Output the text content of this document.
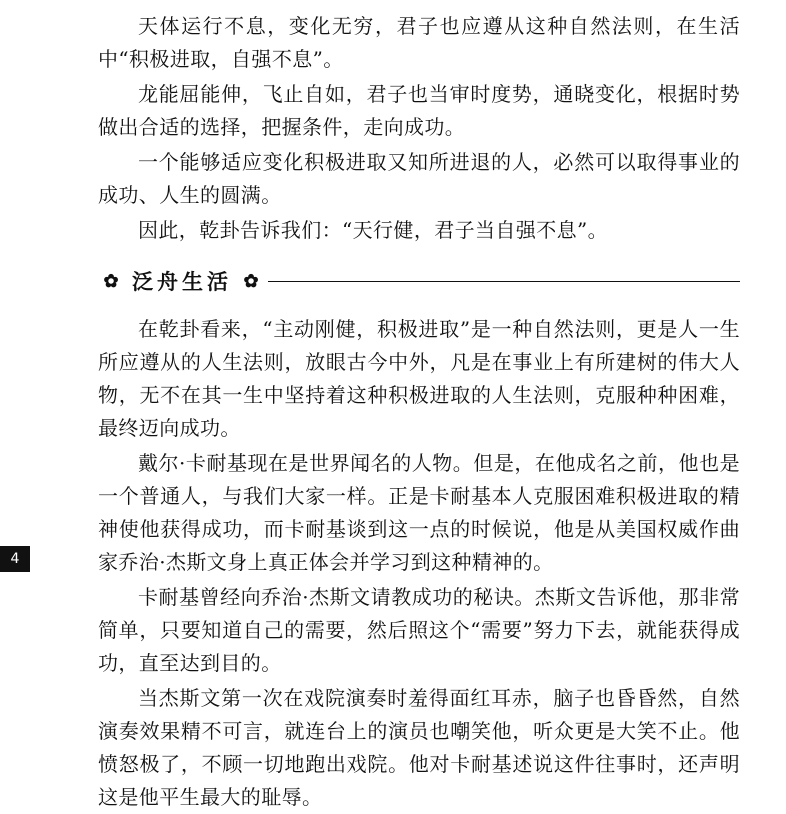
4

天体运行不息，变化无穷，君子也应遵从这种自然法则，在生活中“积极进取，自强不息”。

龙能屈能伸，飞止自如，君子也当审时度势，通晓变化，根据时势做出合适的选择，把握条件，走向成功。

一个能够适应变化积极进取又知所进退的人，必然可以取得事业的成功、人生的圆满。

因此，乾卦告诉我们：“天行健，君子当自强不息”。

✿ 泛舟生活 ✿

在乾卦看来，“主动刚健，积极进取”是一种自然法则，更是人一生所应遵从的人生法则，放眼古今中外，凡是在事业上有所建树的伟大人物，无不在其一生中坚持着这种积极进取的人生法则，克服种种困难，最终迈向成功。

戴尔·卡耐基现在是世界闻名的人物。但是，在他成名之前，他也是一个普通人，与我们大家一样。正是卡耐基本人克服困难积极进取的精神使他获得成功，而卡耐基谈到这一点的时候说，他是从美国权威作曲家乔治·杰斯文身上真正体会并学习到这种精神的。

卡耐基曾经向乔治·杰斯文请教成功的秘诀。杰斯文告诉他，那非常简单，只要知道自己的需要，然后照这个“需要”努力下去，就能获得成功，直至达到目的。

当杰斯文第一次在戏院演奏时羞得面红耳赤，脑子也昏昏然，自然演奏效果精不可言，就连台上的演员也嘲笑他，听众更是大笑不止。他愤怒极了，不顾一切地跑出戏院。他对卡耐基述说这件往事时，还声明这是他平生最大的耻辱。
